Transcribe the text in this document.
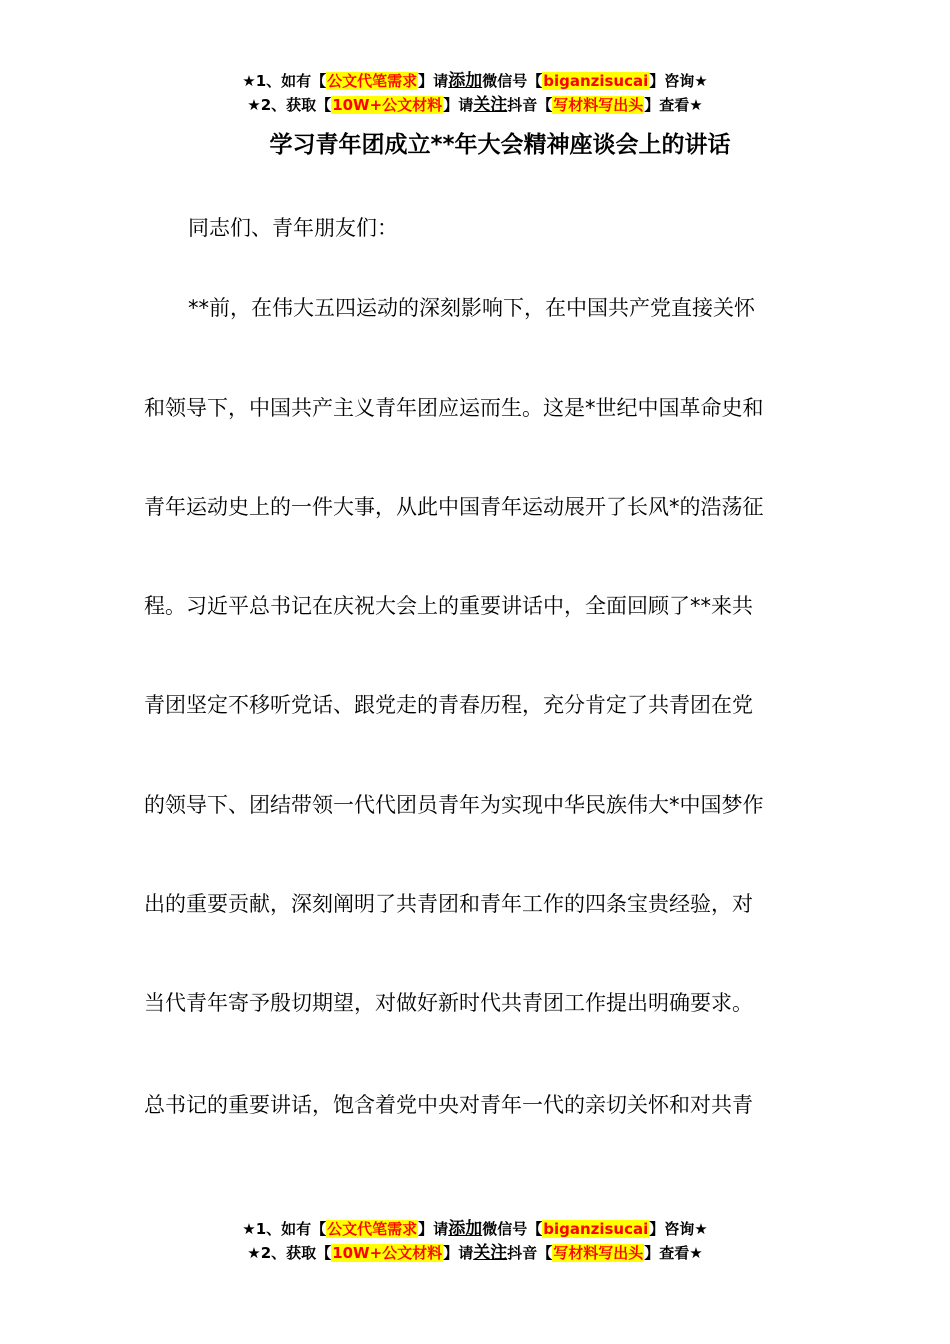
★1、如有【公文代笔需求】请添加微信号【biganzisucai】咨询★
★2、获取【10W+公文材料】请关注抖音【写材料写出头】查看★
学习青年团成立**年大会精神座谈会上的讲话
同志们、青年朋友们：
**前，在伟大五四运动的深刻影响下，在中国共产党直接关怀
和领导下，中国共产主义青年团应运而生。这是*世纪中国革命史和
青年运动史上的一件大事，从此中国青年运动展开了长风*的浩荡征
程。习近平总书记在庆祝大会上的重要讲话中，全面回顾了**来共
青团坚定不移听党话、跟党走的青春历程，充分肯定了共青团在党
的领导下、团结带领一代代团员青年为实现中华民族伟大*中国梦作
出的重要贡献，深刻阐明了共青团和青年工作的四条宝贵经验，对
当代青年寄予殷切期望，对做好新时代共青团工作提出明确要求。
总书记的重要讲话，饱含着党中央对青年一代的亲切关怀和对共青
★1、如有【公文代笔需求】请添加微信号【biganzisucai】咨询★
★2、获取【10W+公文材料】请关注抖音【写材料写出头】查看★
